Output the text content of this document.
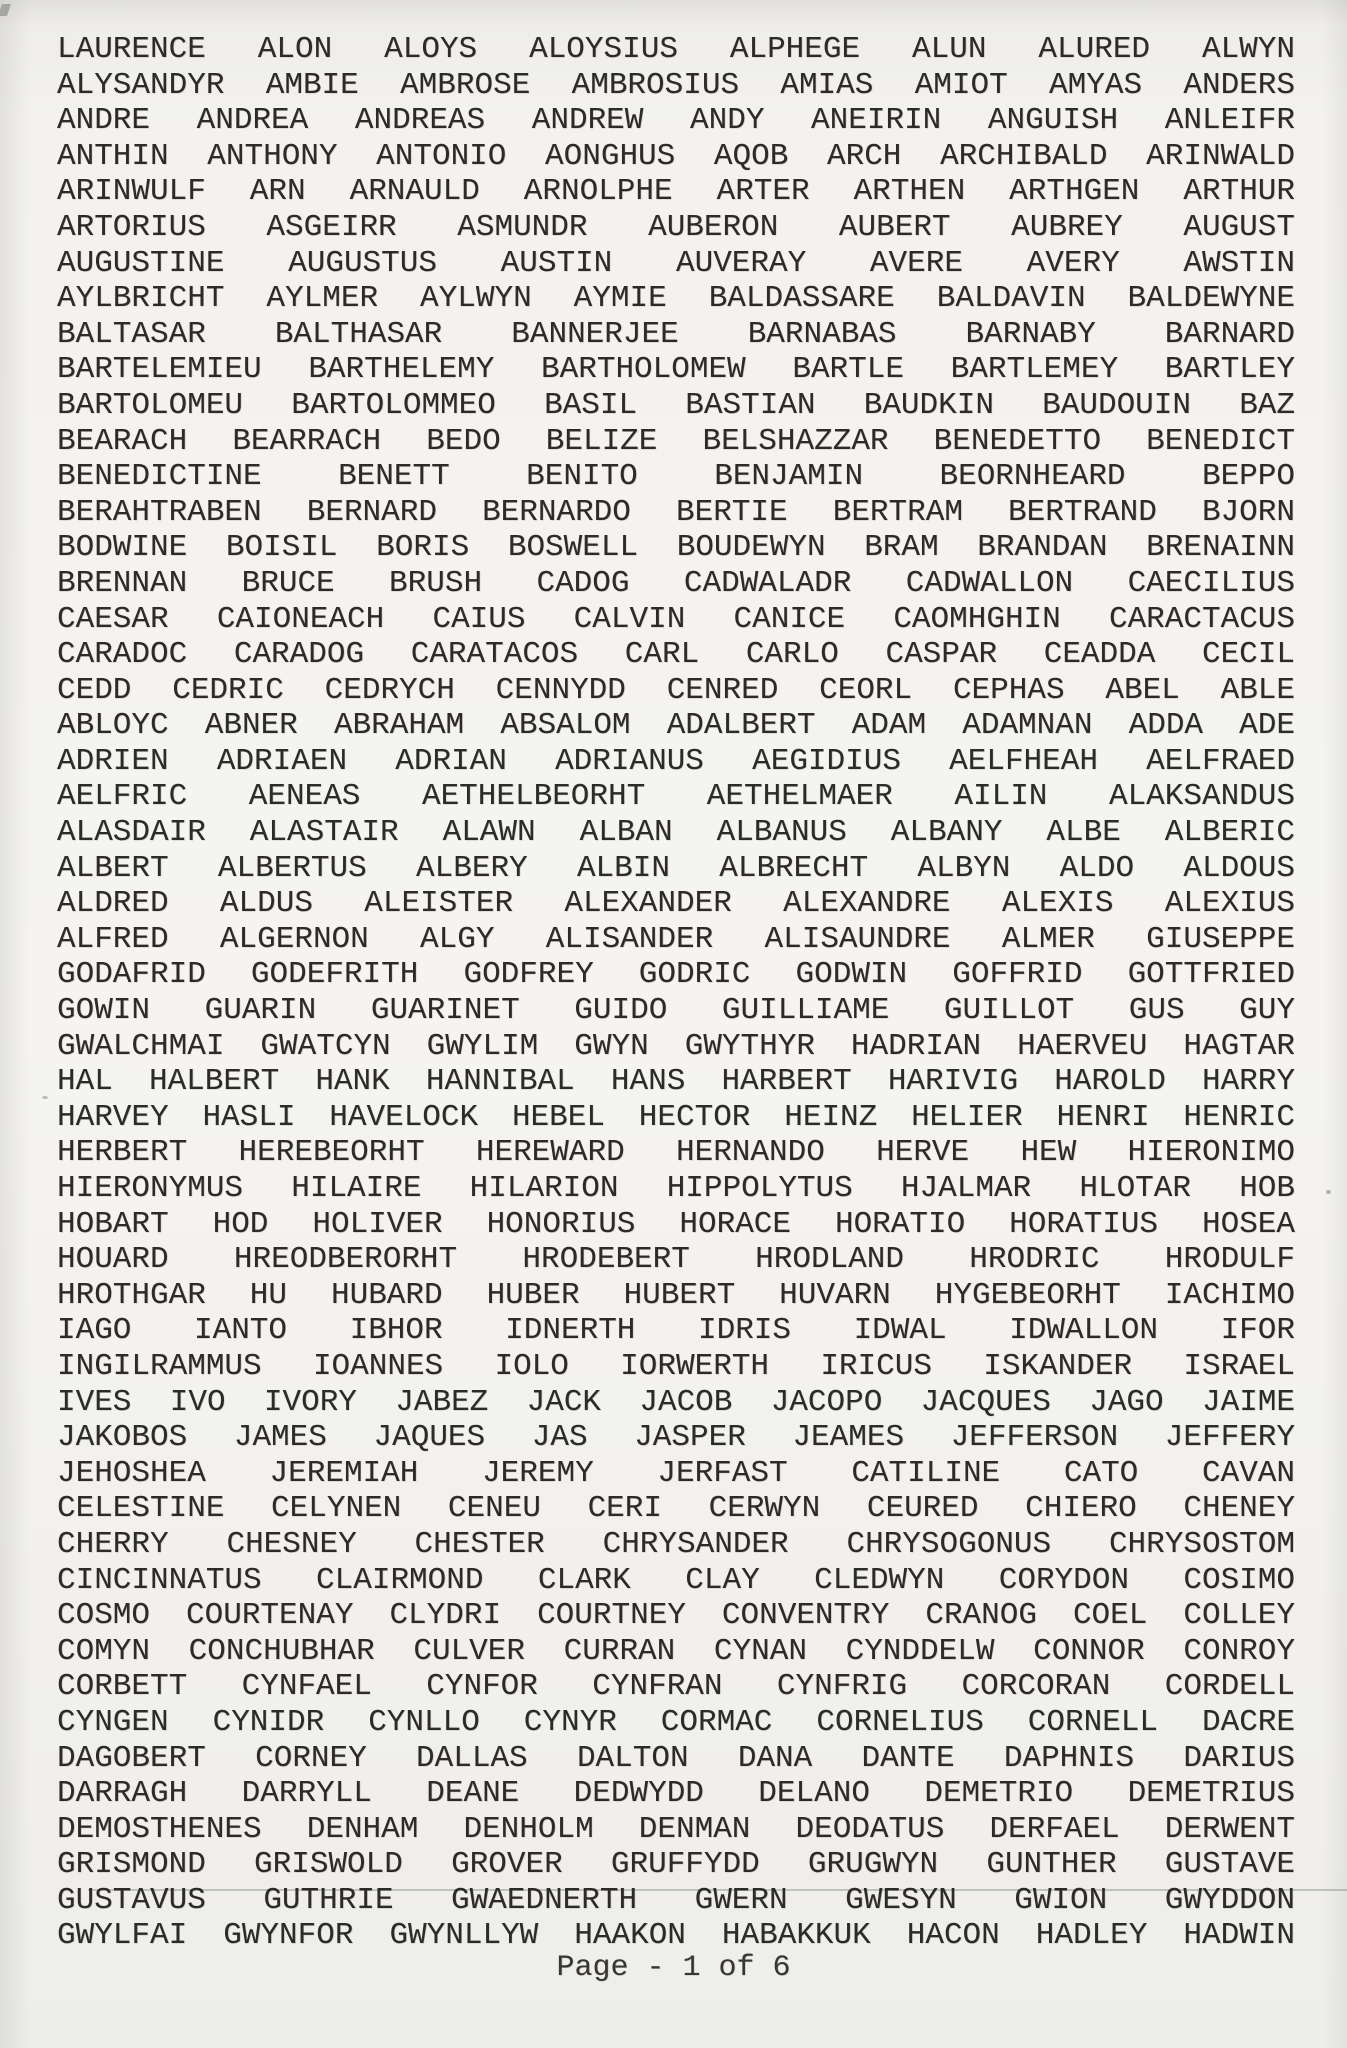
LAURENCE ALON ALOYS ALOYSIUS ALPHEGE ALUN ALURED ALWYN
ALYSANDYR AMBIE AMBROSE AMBROSIUS AMIAS AMIOT AMYAS ANDERS
ANDRE ANDREA ANDREAS ANDREW ANDY ANEIRIN ANGUISH ANLEIFR
ANTHIN ANTHONY ANTONIO AONGHUS AQOB ARCH ARCHIBALD ARINWALD
ARINWULF ARN ARNAULD ARNOLPHE ARTER ARTHEN ARTHGEN ARTHUR
ARTORIUS ASGEIRR ASMUNDR AUBERON AUBERT AUBREY AUGUST
AUGUSTINE AUGUSTUS AUSTIN AUVERAY AVERE AVERY AWSTIN
AYLBRICHT AYLMER AYLWYN AYMIE BALDASSARE BALDAVIN BALDEWYNE
BALTASAR BALTHASAR BANNERJEE BARNABAS BARNABY BARNARD
BARTELEMIEU BARTHELEMY BARTHOLOMEW BARTLE BARTLEMEY BARTLEY
BARTOLOMEU BARTOLOMMEO BASIL BASTIAN BAUDKIN BAUDOUIN BAZ
BEARACH BEARRACH BEDO BELIZE BELSHAZZAR BENEDETTO BENEDICT
BENEDICTINE BENETT BENITO BENJAMIN BEORNHEARD BEPPO
BERAHTRABEN BERNARD BERNARDO BERTIE BERTRAM BERTRAND BJORN
BODWINE BOISIL BORIS BOSWELL BOUDEWYN BRAM BRANDAN BRENAINN
BRENNAN BRUCE BRUSH CADOG CADWALADR CADWALLON CAECILIUS
CAESAR CAIONEACH CAIUS CALVIN CANICE CAOMHGHIN CARACTACUS
CARADOC CARADOG CARATACOS CARL CARLO CASPAR CEADDA CECIL
CEDD CEDRIC CEDRYCH CENNYDD CENRED CEORL CEPHAS ABEL ABLE
ABLOYC ABNER ABRAHAM ABSALOM ADALBERT ADAM ADAMNAN ADDA ADE
ADRIEN ADRIAEN ADRIAN ADRIANUS AEGIDIUS AELFHEAH AELFRAED
AELFRIC AENEAS AETHELBEORHT AETHELMAER AILIN ALAKSANDUS
ALASDAIR ALASTAIR ALAWN ALBAN ALBANUS ALBANY ALBE ALBERIC
ALBERT ALBERTUS ALBERY ALBIN ALBRECHT ALBYN ALDO ALDOUS
ALDRED ALDUS ALEISTER ALEXANDER ALEXANDRE ALEXIS ALEXIUS
ALFRED ALGERNON ALGY ALISANDER ALISAUNDRE ALMER GIUSEPPE
GODAFRID GODEFRITH GODFREY GODRIC GODWIN GOFFRID GOTTFRIED
GOWIN GUARIN GUARINET GUIDO GUILLIAME GUILLOT GUS GUY
GWALCHMAI GWATCYN GWYLIM GWYN GWYTHYR HADRIAN HAERVEU HAGTAR
HAL HALBERT HANK HANNIBAL HANS HARBERT HARIVIG HAROLD HARRY
HARVEY HASLI HAVELOCK HEBEL HECTOR HEINZ HELIER HENRI HENRIC
HERBERT HEREBEORHT HEREWARD HERNANDO HERVE HEW HIERONIMO
HIERONYMUS HILAIRE HILARION HIPPOLYTUS HJALMAR HLOTAR HOB
HOBART HOD HOLIVER HONORIUS HORACE HORATIO HORATIUS HOSEA
HOUARD HREODBERORHT HRODEBERT HRODLAND HRODRIC HRODULF
HROTHGAR HU HUBARD HUBER HUBERT HUVARN HYGEBEORHT IACHIMO
IAGO IANTO IBHOR IDNERTH IDRIS IDWAL IDWALLON IFOR
INGILRAMMUS IOANNES IOLO IORWERTH IRICUS ISKANDER ISRAEL
IVES IVO IVORY JABEZ JACK JACOB JACOPO JACQUES JAGO JAIME
JAKOBOS JAMES JAQUES JAS JASPER JEAMES JEFFERSON JEFFERY
JEHOSHEA JEREMIAH JEREMY JERFAST CATILINE CATO CAVAN
CELESTINE CELYNEN CENEU CERI CERWYN CEURED CHIERO CHENEY
CHERRY CHESNEY CHESTER CHRYSANDER CHRYSOGONUS CHRYSOSTOM
CINCINNATUS CLAIRMOND CLARK CLAY CLEDWYN CORYDON COSIMO
COSMO COURTENAY CLYDRI COURTNEY CONVENTRY CRANOG COEL COLLEY
COMYN CONCHUBHAR CULVER CURRAN CYNAN CYNDDELW CONNOR CONROY
CORBETT CYNFAEL CYNFOR CYNFRAN CYNFRIG CORCORAN CORDELL
CYNGEN CYNIDR CYNLLO CYNYR CORMAC CORNELIUS CORNELL DACRE
DAGOBERT CORNEY DALLAS DALTON DANA DANTE DAPHNIS DARIUS
DARRAGH DARRYLL DEANE DEDWYDD DELANO DEMETRIO DEMETRIUS
DEMOSTHENES DENHAM DENHOLM DENMAN DEODATUS DERFAEL DERWENT
GRISMOND GRISWOLD GROVER GRUFFYDD GRUGWYN GUNTHER GUSTAVE
GUSTAVUS GUTHRIE GWAEDNERTH GWERN GWESYN GWION GWYDDON
GWYLFAI GWYNFOR GWYNLLYW HAAKON HABAKKUK HACON HADLEY HADWIN
Page - 1 of 6
